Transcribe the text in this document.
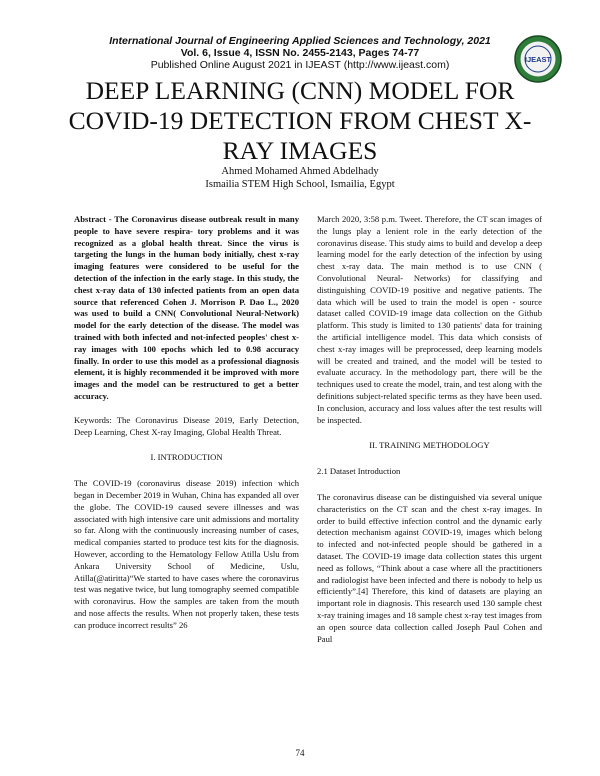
International Journal of Engineering Applied Sciences and Technology, 2021
Vol. 6, Issue 4, ISSN No. 2455-2143, Pages 74-77
Published Online August 2021 in IJEAST (http://www.ijeast.com)	IJEAST
DEEP LEARNING (CNN) MODEL FOR COVID-19 DETECTION FROM CHEST X-RAY IMAGES
Ahmed Mohamed Ahmed Abdelhady
Ismailia STEM High School, Ismailia, Egypt

Abstract - The Coronavirus disease outbreak result in many people to have severe respira- tory problems and it was recognized as a global health threat. Since the virus is targeting the lungs in the human body initially, chest x-ray imaging features were considered to be useful for the detection of the infection in the early stage. In this study, the chest x-ray data of 130 infected patients from an open data source that referenced Cohen J. Morrison P. Dao L., 2020 was used to build a CNN( Convolutional Neural-Network) model for the early detection of the disease. The model was trained with both infected and not-infected peoples' chest x-ray images with 100 epochs which led to 0.98 accuracy finally. In order to use this model as a professional diagnosis element, it is highly recommended it be improved with more images and the model can be restructured to get a better accuracy.

Keywords: The Coronavirus Disease 2019, Early Detection, Deep Learning, Chest X-ray Imaging, Global Health Threat.

I. INTRODUCTION

The COVID-19 (coronavirus disease 2019) infection which began in December 2019 in Wuhan, China has expanded all over the globe. The COVID-19 caused severe illnesses and was associated with high intensive care unit admissions and mortality so far. Along with the continuously increasing number of cases, medical companies started to produce test kits for the diagnosis. However, according to the Hematology Fellow Atilla Uslu from Ankara University School of Medicine, Uslu, Atilla(@atiritta)“We started to have cases where the coronavirus test was negative twice, but lung tomography seemed compatible with coronavirus. How the samples are taken from the mouth and nose affects the results. When not properly taken, these tests can produce incorrect results” 26

March 2020, 3:58 p.m. Tweet. Therefore, the CT scan images of the lungs play a lenient role in the early detection of the coronavirus disease. This study aims to build and develop a deep learning model for the early detection of the infection by using chest x-ray data. The main method is to use CNN ( Convolutional Neural- Networks) for classifying and distinguishing COVID-19 positive and negative patients. The data which will be used to train the model is open - source dataset called COVID-19 image data collection on the Github platform. This study is limited to 130 patients' data for training the artificial intelligence model. This data which consists of chest x-ray images will be preprocessed, deep learning models will be created and trained, and the model will be tested to evaluate accuracy. In the methodology part, there will be the techniques used to create the model, train, and test along with the definitions subject-related specific terms as they have been used. In conclusion, accuracy and loss values after the test results will be inspected.

II. TRAINING METHODOLOGY

2.1 Dataset Introduction

The coronavirus disease can be distinguished via several unique characteristics on the CT scan and the chest x-ray images. In order to build effective infection control and the dynamic early detection mechanism against COVID-19, images which belong to infected and not-infected people should be gathered in a dataset. The COVID-19 image data collection states this urgent need as follows, “Think about a case where all the practitioners and radiologist have been infected and there is nobody to help us efficiently”.[4] Therefore, this kind of datasets are playing an important role in diagnosis. This research used 130 sample chest x-ray training images and 18 sample chest x-ray test images from an open source data collection called Joseph Paul Cohen and Paul

74
